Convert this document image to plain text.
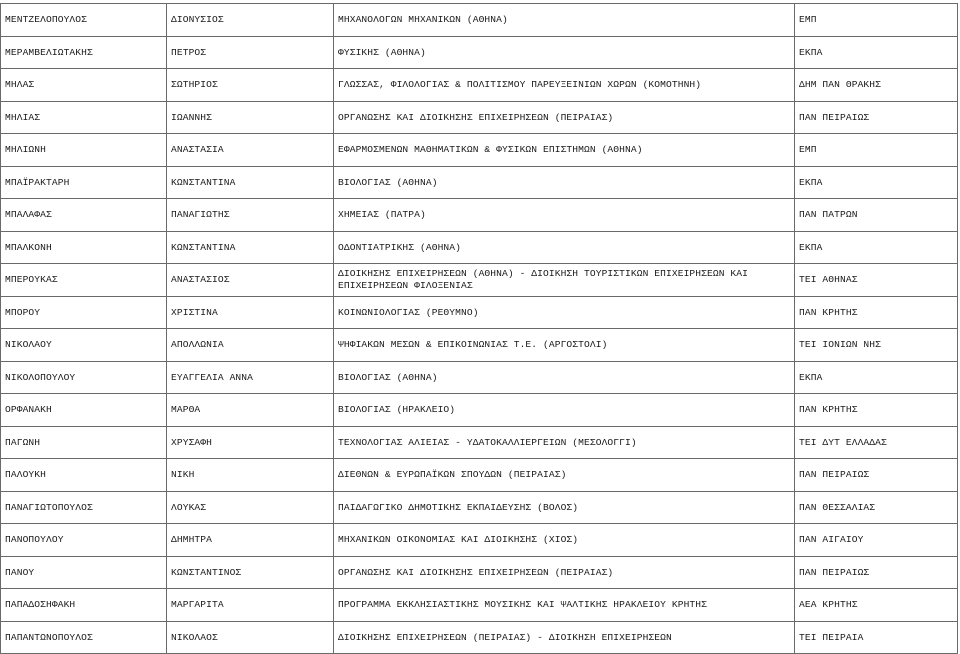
ΜΕΝΤΖΕΛΟΠΟΥΛΟΣ	ΔΙΟΝΥΣΙΟΣ	ΜΗΧΑΝΟΛΟΓΩΝ ΜΗΧΑΝΙΚΩΝ (ΑΘΗΝΑ)	ΕΜΠ
ΜΕΡΑΜΒΕΛΙΩΤΑΚΗΣ	ΠΕΤΡΟΣ	ΦΥΣΙΚΗΣ (ΑΘΗΝΑ)	ΕΚΠΑ
ΜΗΛΑΣ	ΣΩΤΗΡΙΟΣ	ΓΛΩΣΣΑΣ, ΦΙΛΟΛΟΓΙΑΣ & ΠΟΛΙΤΙΣΜΟΥ ΠΑΡΕΥΞΕΙΝΙΩΝ ΧΩΡΩΝ (ΚΟΜΟΤΗΝΗ)	ΔΗΜ ΠΑΝ ΘΡΑΚΗΣ
ΜΗΛΙΑΣ	ΙΩΑΝΝΗΣ	ΟΡΓΑΝΩΣΗΣ ΚΑΙ ΔΙΟΙΚΗΣΗΣ ΕΠΙΧΕΙΡΗΣΕΩΝ (ΠΕΙΡΑΙΑΣ)	ΠΑΝ ΠΕΙΡΑΙΩΣ
ΜΗΛΙΩΝΗ	ΑΝΑΣΤΑΣΙΑ	ΕΦΑΡΜΟΣΜΕΝΩΝ ΜΑΘΗΜΑΤΙΚΩΝ & ΦΥΣΙΚΩΝ ΕΠΙΣΤΗΜΩΝ (ΑΘΗΝΑ)	ΕΜΠ
ΜΠΑΪΡΑΚΤΑΡΗ	ΚΩΝΣΤΑΝΤΙΝΑ	ΒΙΟΛΟΓΙΑΣ (ΑΘΗΝΑ)	ΕΚΠΑ
ΜΠΑΛΑΦΑΣ	ΠΑΝΑΓΙΩΤΗΣ	ΧΗΜΕΙΑΣ (ΠΑΤΡΑ)	ΠΑΝ ΠΑΤΡΩΝ
ΜΠΑΛΚΟΝΗ	ΚΩΝΣΤΑΝΤΙΝΑ	ΟΔΟΝΤΙΑΤΡΙΚΗΣ (ΑΘΗΝΑ)	ΕΚΠΑ
ΜΠΕΡΟΥΚΑΣ	ΑΝΑΣΤΑΣΙΟΣ	ΔΙΟΙΚΗΣΗΣ ΕΠΙΧΕΙΡΗΣΕΩΝ (ΑΘΗΝΑ) - ΔΙΟΙΚΗΣΗ ΤΟΥΡΙΣΤΙΚΩΝ ΕΠΙΧΕΙΡΗΣΕΩΝ ΚΑΙ ΕΠΙΧΕΙΡΗΣΕΩΝ ΦΙΛΟΞΕΝΙΑΣ	ΤΕΙ ΑΘΗΝΑΣ
ΜΠΟΡΟΥ	ΧΡΙΣΤΙΝΑ	ΚΟΙΝΩΝΙΟΛΟΓΙΑΣ (ΡΕΘΥΜΝΟ)	ΠΑΝ ΚΡΗΤΗΣ
ΝΙΚΟΛΑΟΥ	ΑΠΟΛΛΩΝΙΑ	ΨΗΦΙΑΚΩΝ ΜΕΣΩΝ & ΕΠΙΚΟΙΝΩΝΙΑΣ Τ.Ε. (ΑΡΓΟΣΤΟΛΙ)	ΤΕΙ ΙΟΝΙΩΝ ΝΗΣ
ΝΙΚΟΛΟΠΟΥΛΟΥ	ΕΥΑΓΓΕΛΙΑ ΑΝΝΑ	ΒΙΟΛΟΓΙΑΣ (ΑΘΗΝΑ)	ΕΚΠΑ
ΟΡΦΑΝΑΚΗ	ΜΑΡΘΑ	ΒΙΟΛΟΓΙΑΣ (ΗΡΑΚΛΕΙΟ)	ΠΑΝ ΚΡΗΤΗΣ
ΠΑΓΩΝΗ	ΧΡΥΣΑΦΗ	ΤΕΧΝΟΛΟΓΙΑΣ ΑΛΙΕΙΑΣ - ΥΔΑΤΟΚΑΛΛΙΕΡΓΕΙΩΝ (ΜΕΣΟΛΟΓΓΙ)	ΤΕΙ ΔΥΤ ΕΛΛΑΔΑΣ
ΠΑΛΟΥΚΗ	ΝΙΚΗ	ΔΙΕΘΝΩΝ & ΕΥΡΩΠΑΪΚΩΝ ΣΠΟΥΔΩΝ (ΠΕΙΡΑΙΑΣ)	ΠΑΝ ΠΕΙΡΑΙΩΣ
ΠΑΝΑΓΙΩΤΟΠΟΥΛΟΣ	ΛΟΥΚΑΣ	ΠΑΙΔΑΓΩΓΙΚΟ ΔΗΜΟΤΙΚΗΣ ΕΚΠΑΙΔΕΥΣΗΣ (ΒΟΛΟΣ)	ΠΑΝ ΘΕΣΣΑΛΙΑΣ
ΠΑΝΟΠΟΥΛΟΥ	ΔΗΜΗΤΡΑ	ΜΗΧΑΝΙΚΩΝ ΟΙΚΟΝΟΜΙΑΣ ΚΑΙ ΔΙΟΙΚΗΣΗΣ (ΧΙΟΣ)	ΠΑΝ ΑΙΓΑΙΟΥ
ΠΑΝΟΥ	ΚΩΝΣΤΑΝΤΙΝΟΣ	ΟΡΓΑΝΩΣΗΣ ΚΑΙ ΔΙΟΙΚΗΣΗΣ ΕΠΙΧΕΙΡΗΣΕΩΝ (ΠΕΙΡΑΙΑΣ)	ΠΑΝ ΠΕΙΡΑΙΩΣ
ΠΑΠΑΔΟΣΗΦΑΚΗ	ΜΑΡΓΑΡΙΤΑ	ΠΡΟΓΡΑΜΜΑ ΕΚΚΛΗΣΙΑΣΤΙΚΗΣ ΜΟΥΣΙΚΗΣ ΚΑΙ ΨΑΛΤΙΚΗΣ ΗΡΑΚΛΕΙΟΥ ΚΡΗΤΗΣ	ΑΕΑ ΚΡΗΤΗΣ
ΠΑΠΑΝΤΩΝΟΠΟΥΛΟΣ	ΝΙΚΟΛΑΟΣ	ΔΙΟΙΚΗΣΗΣ ΕΠΙΧΕΙΡΗΣΕΩΝ (ΠΕΙΡΑΙΑΣ) - ΔΙΟΙΚΗΣΗ ΕΠΙΧΕΙΡΗΣΕΩΝ	ΤΕΙ ΠΕΙΡΑΙΑ
